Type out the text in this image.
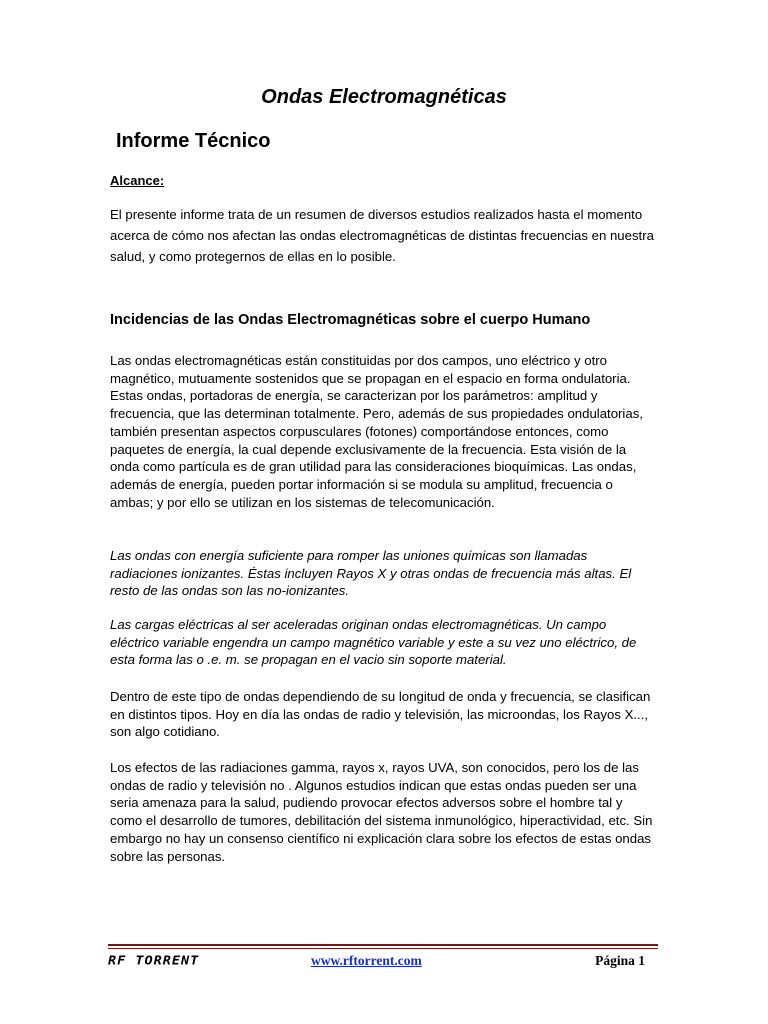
Ondas Electromagnéticas
Informe Técnico
Alcance:
El presente informe trata de un resumen de diversos estudios realizados hasta el momento acerca de cómo nos afectan las ondas electromagnéticas de distintas frecuencias en nuestra salud, y como protegernos de ellas en lo posible.
Incidencias de las Ondas Electromagnéticas sobre el cuerpo Humano
Las ondas electromagnéticas están constituidas por dos campos, uno eléctrico y otro magnético, mutuamente sostenidos que se propagan en el espacio en forma ondulatoria. Estas ondas, portadoras de energía, se caracterizan por los parámetros: amplitud y frecuencia, que las determinan totalmente. Pero, además de sus propiedades ondulatorias, también presentan aspectos corpusculares (fotones) comportándose entonces, como paquetes de energía, la cual depende exclusivamente de la frecuencia. Esta visión de la onda como partícula es de gran utilidad para las consideraciones bioquímicas. Las ondas, además de energía, pueden portar información si se modula su amplitud, frecuencia o ambas; y por ello se utilizan en los sistemas de telecomunicación.
Las ondas con energía suficiente para romper las uniones químicas son llamadas radiaciones ionizantes. Éstas incluyen Rayos X y otras ondas de frecuencia más altas. El resto de las ondas son las no-ionizantes.
Las cargas eléctricas al ser aceleradas originan ondas electromagnéticas. Un campo eléctrico variable engendra un campo magnético variable y este a su vez uno eléctrico, de esta forma las o .e. m. se propagan en el vacio sin soporte material.
Dentro de este tipo de ondas dependiendo de su longitud de onda y frecuencia, se clasifican en distintos tipos. Hoy en día las ondas de radio y televisión, las microondas, los Rayos X..., son algo cotidiano.
Los efectos de las radiaciones gamma, rayos x, rayos UVA, son conocidos, pero los de las ondas de radio y televisión no . Algunos estudios indican que estas ondas pueden ser una seria amenaza para la salud, pudiendo provocar efectos adversos sobre el hombre tal y como el desarrollo de tumores, debilitación del sistema inmunológico, hiperactividad, etc. Sin embargo no hay un consenso científico ni explicación clara sobre los efectos de estas ondas sobre las personas.
RF TORRENT	www.rftorrent.com	Página 1
